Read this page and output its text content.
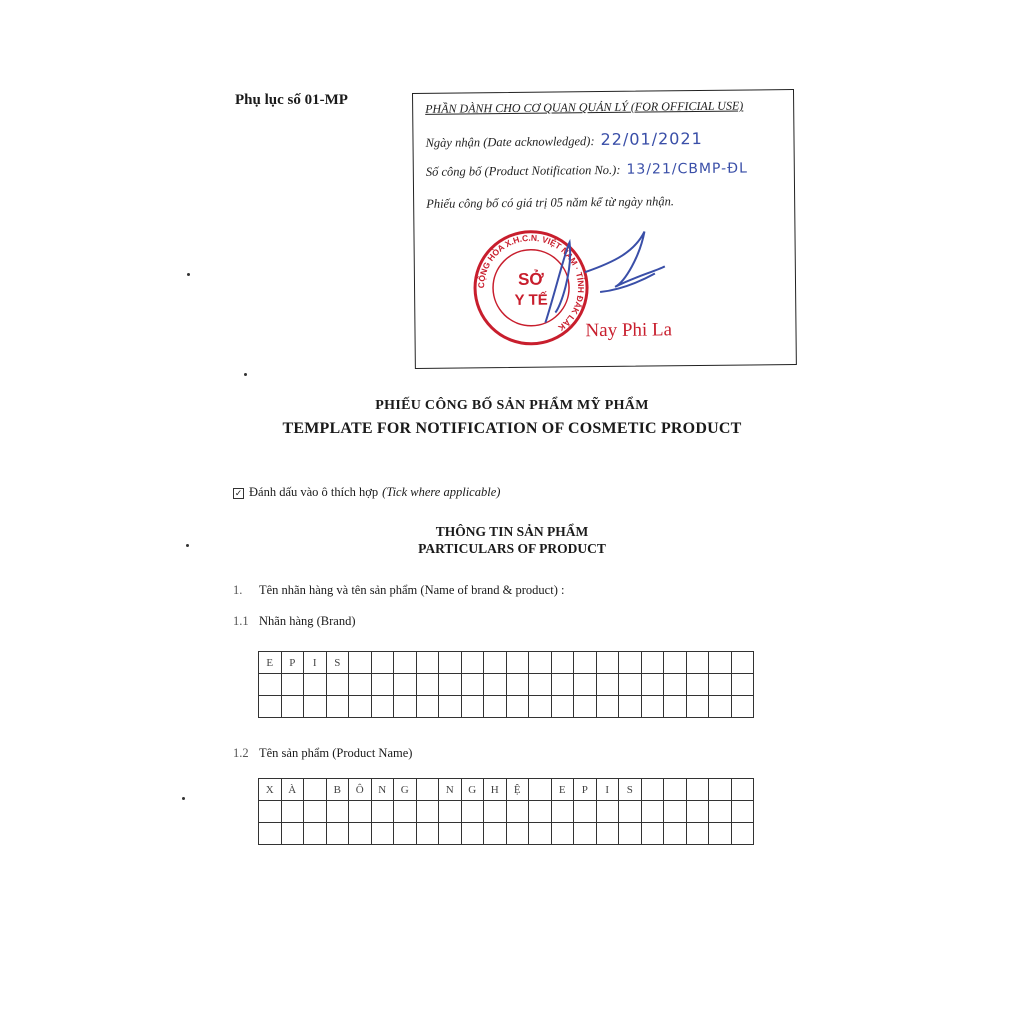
Phụ lục số 01-MP	PHẦN DÀNH CHO CƠ QUAN QUẢN LÝ (FOR OFFICIAL USE)
Ngày nhận (Date acknowledged): 22/01/2021
Số công bố (Product Notification No.): 13/21/CBMP-ĐL
Phiếu công bố có giá trị 05 năm kể từ ngày nhận.
CỘNG HÒA X.H.C.N. VIỆT NAM · TỈNH ĐẮK LẮK
SỞ
Y TẾ
Nay Phi La
PHIẾU CÔNG BỐ SẢN PHẨM MỸ PHẨM
TEMPLATE FOR NOTIFICATION OF COSMETIC PRODUCT
✓ Đánh dấu vào ô thích hợp (Tick where applicable)
THÔNG TIN SẢN PHẨM
PARTICULARS OF PRODUCT
1. Tên nhãn hàng và tên sản phẩm (Name of brand & product) :
1.1 Nhãn hàng (Brand)
E	P	I	S																		

1.2 Tên sản phẩm (Product Name)
X	À		B	Ô	N	G		N	G	H	Ệ		E	P	I	S					
